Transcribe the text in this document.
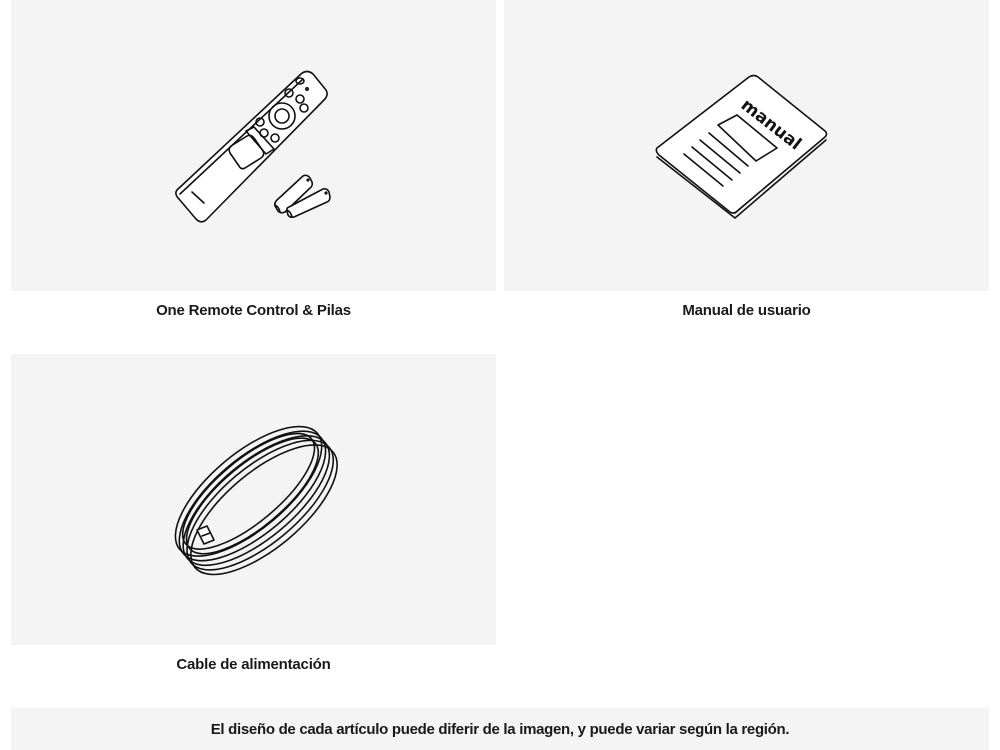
One Remote Control & Pilas
manual
Manual de usuario
Cable de alimentación
El diseño de cada artículo puede diferir de la imagen, y puede variar según la región.
